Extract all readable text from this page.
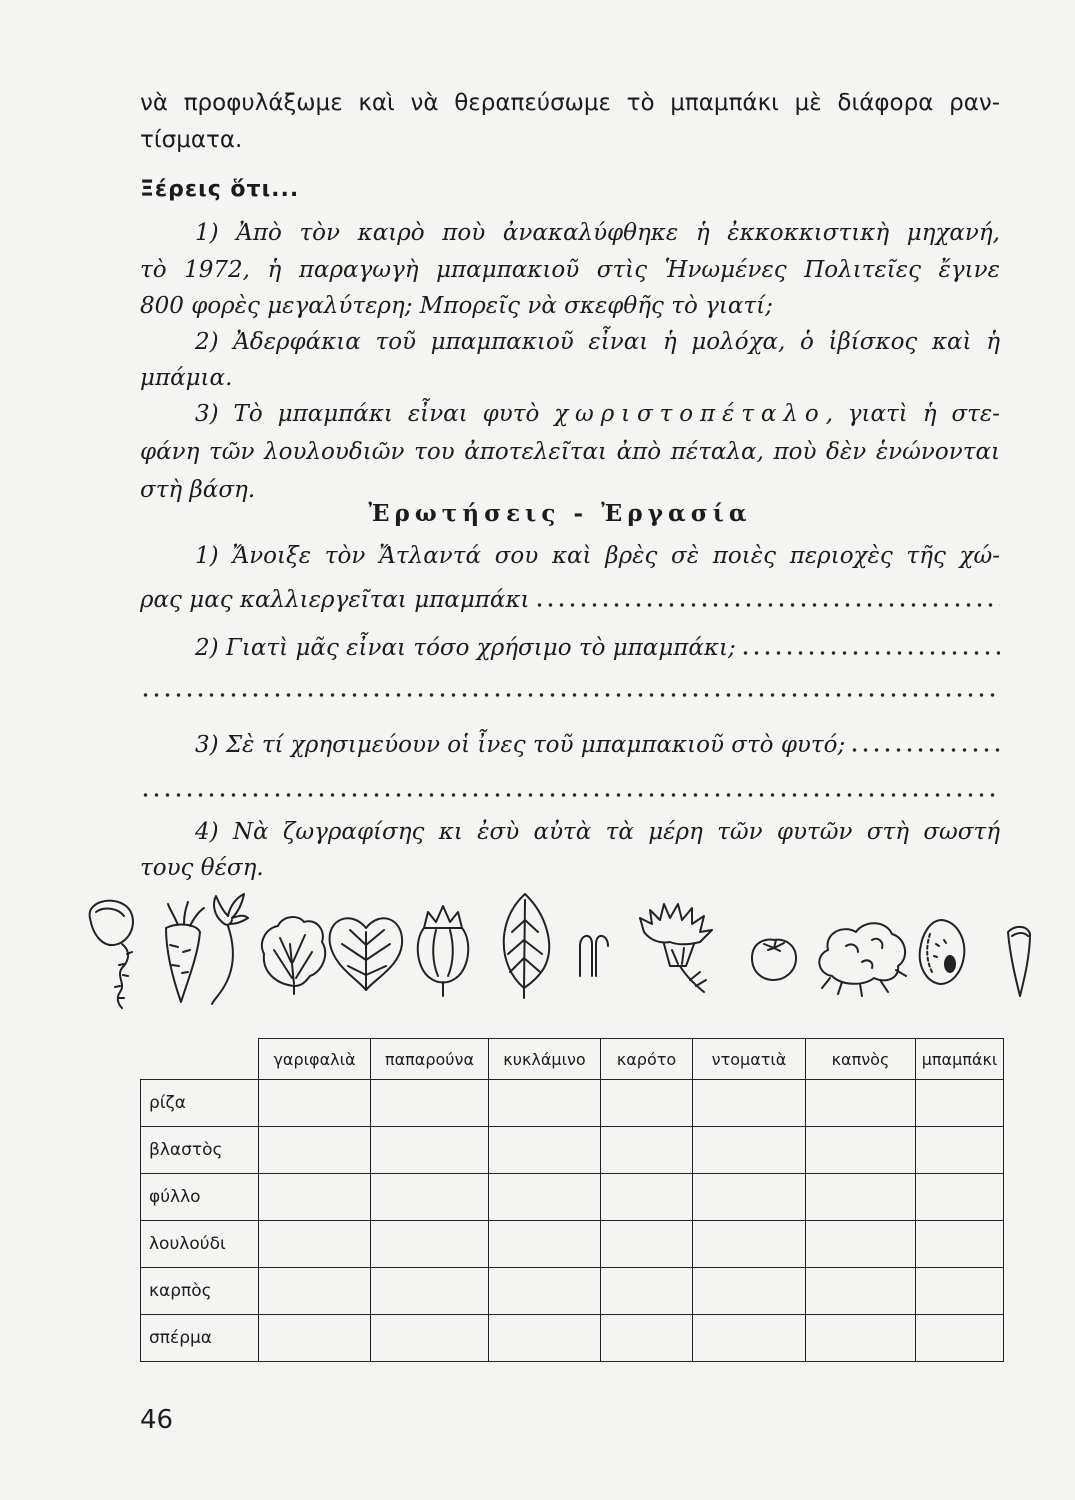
νὰ προφυλάξωμε καὶ νὰ θεραπεύσωμε τὸ μπαμπάκι μὲ διάφορα ραν-
τίσματα.
Ξέρεις ὅτι...
1) Ἀπὸ τὸν καιρὸ ποὺ ἀνακαλύφθηκε ἡ ἐκκοκκιστικὴ μηχανή,
τὸ 1972, ἡ παραγωγὴ μπαμπακιοῦ στὶς Ἡνωμένες Πολιτεῖες ἔγινε
800 φορὲς μεγαλύτερη; Μπορεῖς νὰ σκεφθῆς τὸ γιατί;
2) Ἀδερφάκια τοῦ μπαμπακιοῦ εἶναι ἡ μολόχα, ὁ ἰβίσκος καὶ ἡ
μπάμια.
3) Τὸ μπαμπάκι εἶναι φυτὸ χωριστοπέταλο, γιατὶ ἡ στε-
φάνη τῶν λουλουδιῶν του ἀποτελεῖται ἀπὸ πέταλα, ποὺ δὲν ἑνώνονται
στὴ βάση.
Ἐρωτήσεις - Ἐργασία
1) Ἄνοιξε τὸν Ἄτλαντά σου καὶ βρὲς σὲ ποιὲς περιοχὲς τῆς χώ-
ρας μας καλλιεργεῖται μπαμπάκι
2) Γιατὶ μᾶς εἶναι τόσο χρήσιμο τὸ μπαμπάκι;
3) Σὲ τί χρησιμεύουν οἱ ἶνες τοῦ μπαμπακιοῦ στὸ φυτό;
4) Νὰ ζωγραφίσης κι ἐσὺ αὐτὰ τὰ μέρη τῶν φυτῶν στὴ σωστή
τους θέση.
	γαριφαλιὰ	παπαρούνα	κυκλάμινο	καρότο	ντοματιὰ	καπνὸς	μπαμπάκι
ρίζα							
βλαστὸς							
φύλλο							
λουλούδι							
καρπὸς							
σπέρμα							
46
